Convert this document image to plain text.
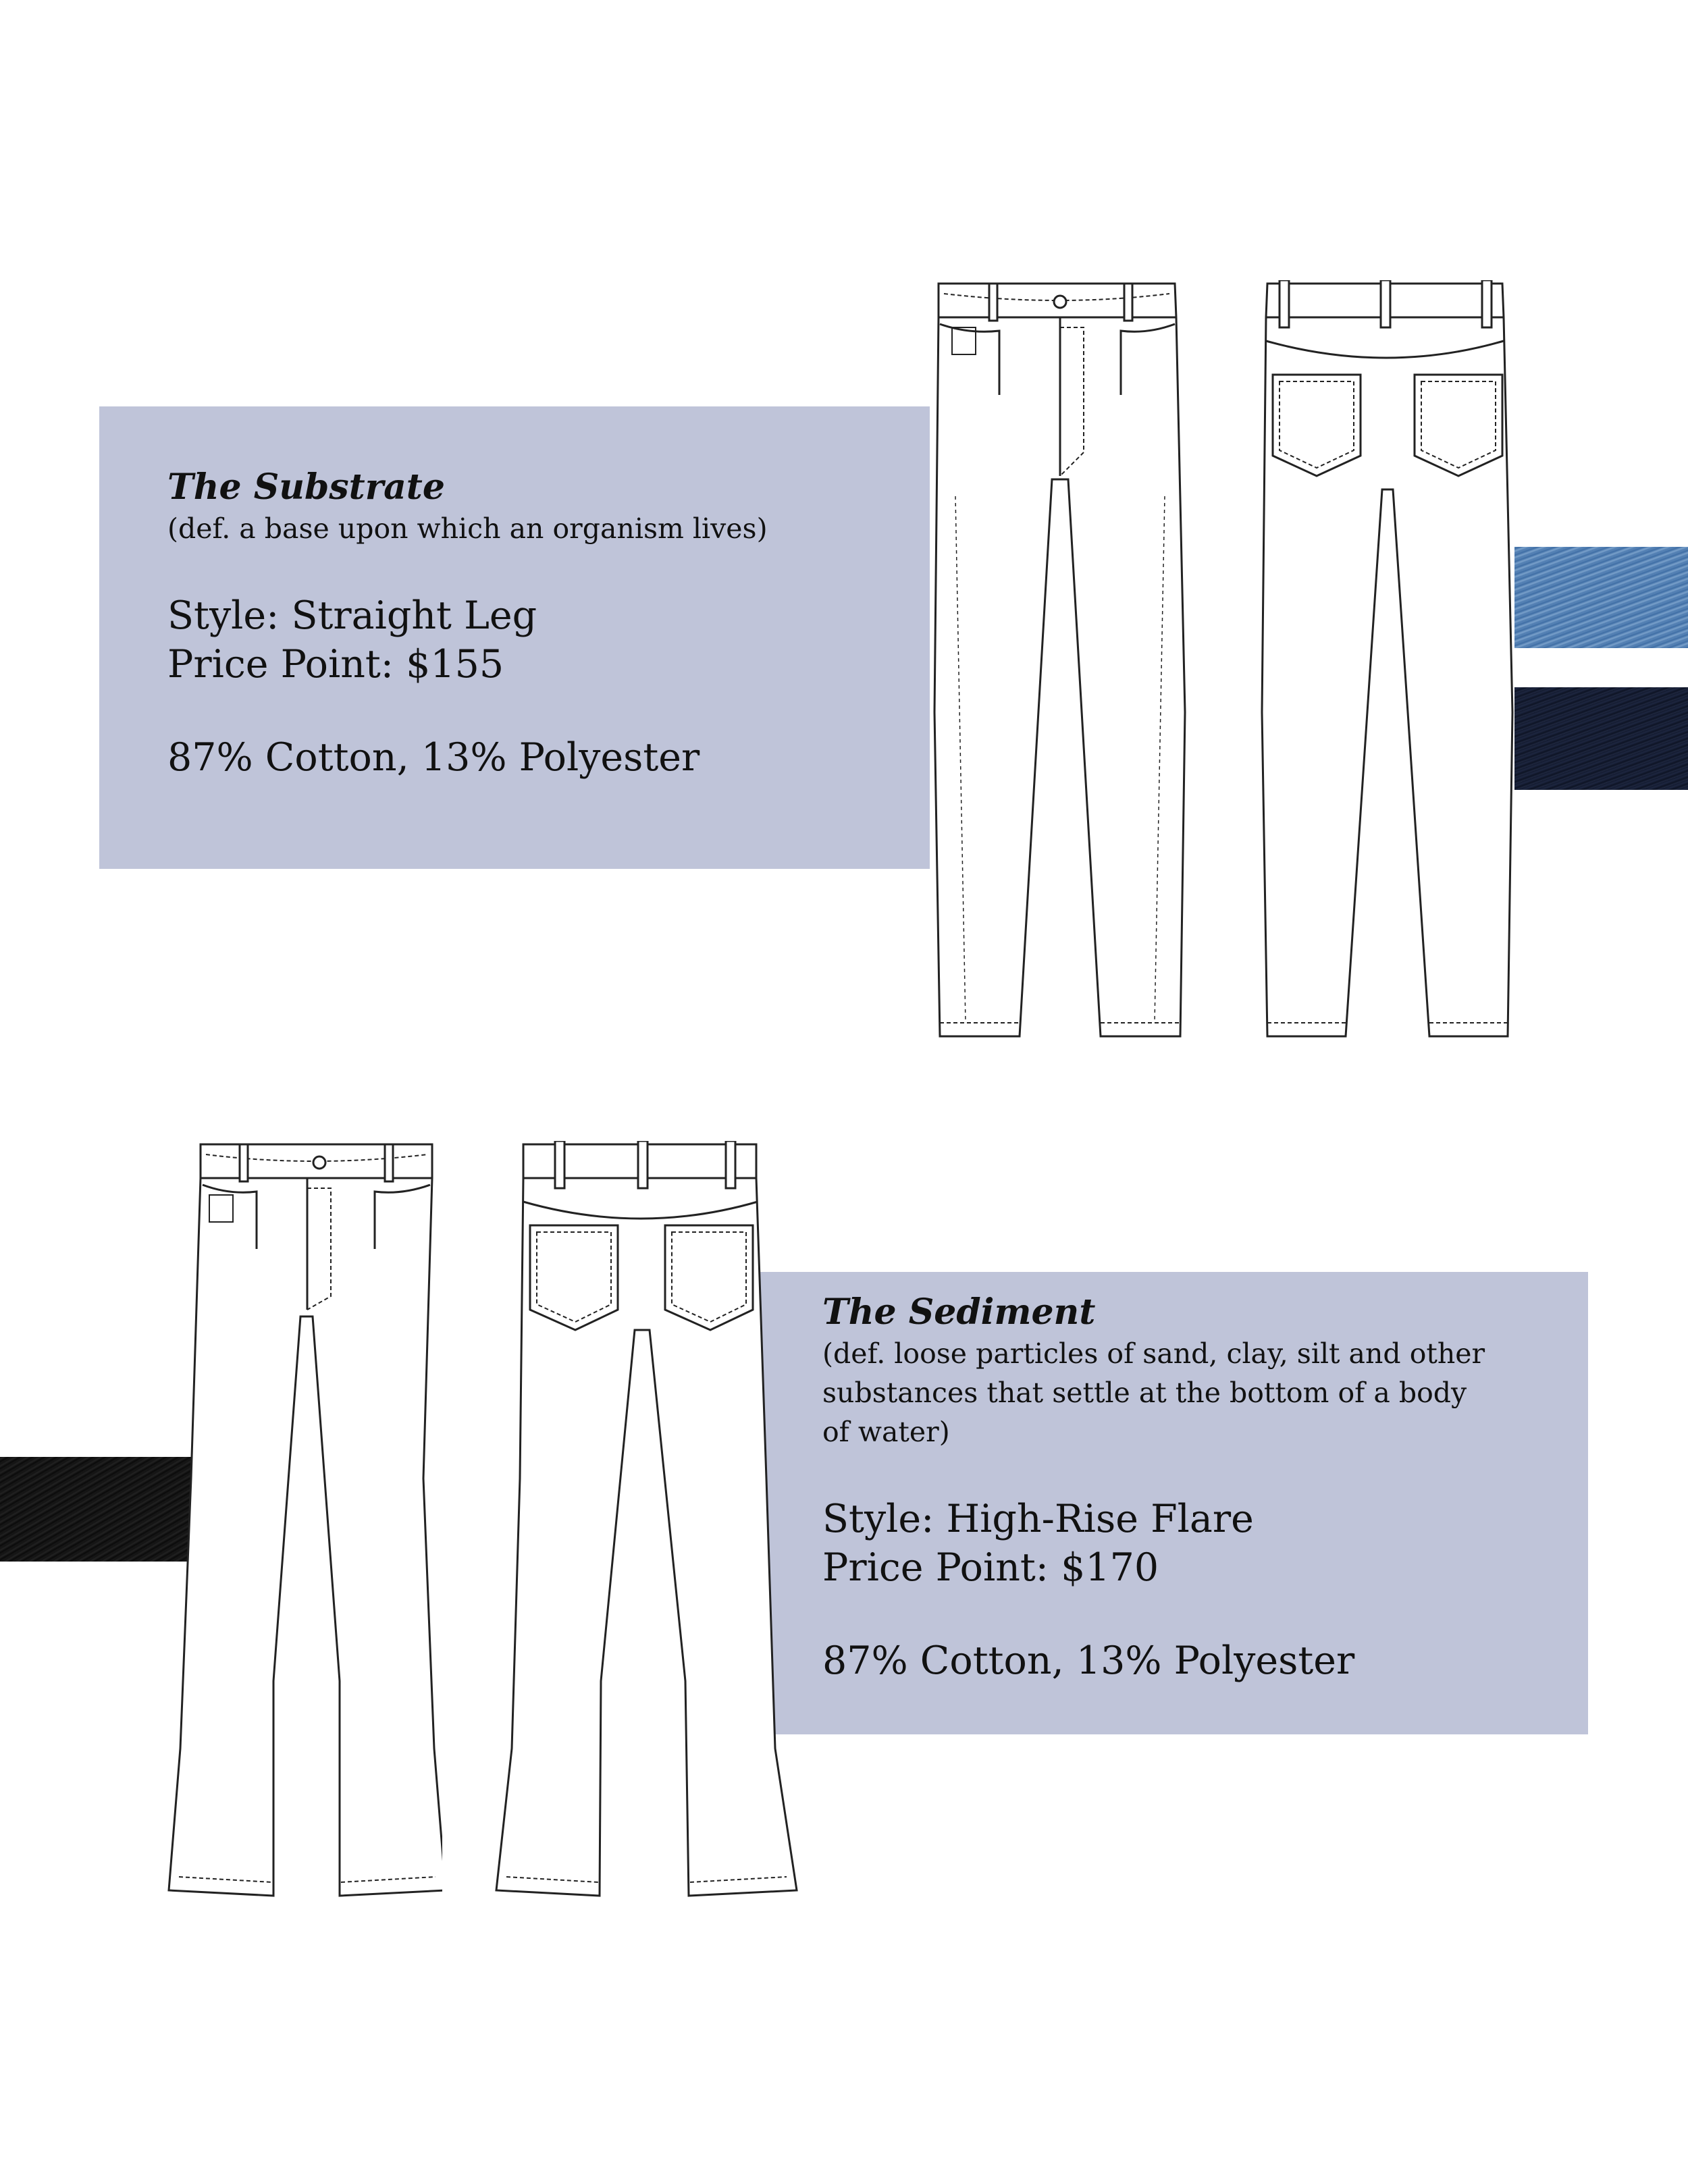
The Substrate

(def. a base upon which an organism lives)

Style: Straight Leg

Price Point: $155

87% Cotton, 13% Polyester

The Sediment

(def. loose particles of sand, clay, silt and other

substances that settle at the bottom of a body

of water)

Style: High-Rise Flare

Price Point: $170

87% Cotton, 13% Polyester
